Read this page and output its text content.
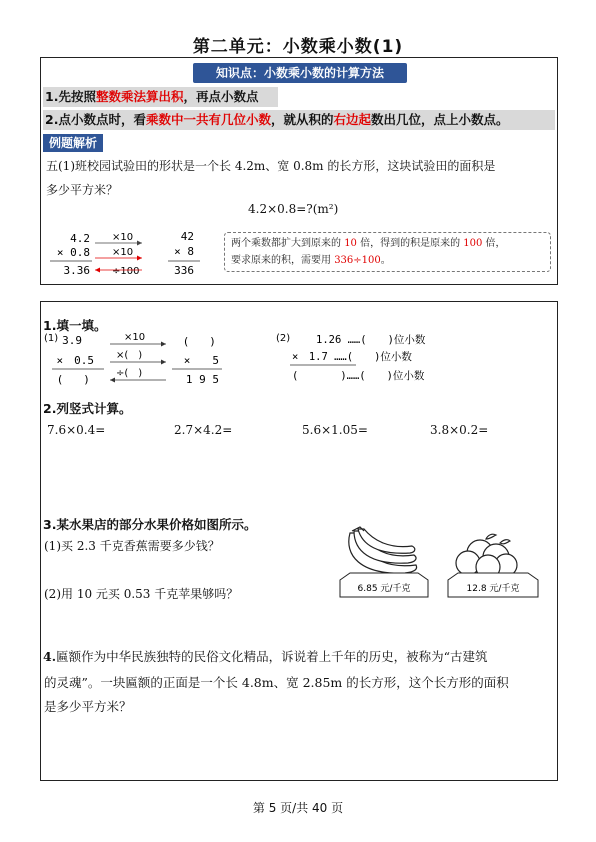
第二单元：小数乘小数(1)
知识点：小数乘小数的计算方法
1.先按照整数乘法算出积，再点小数点
2.点小数点时，看乘数中一共有几位小数，就从积的右边起数出几位，点上小数点。
例题解析
五(1)班校园试验田的形状是一个长 4.2m、宽 0.8m 的长方形，这块试验田的面积是
多少平方米？
4.2×0.8=?(m²)
4.2 ×10	42
× 0.8 ×10	× 8
3.36 ÷100	336
两个乘数都扩大到原来的 10 倍，得到的积是原来的 100 倍，
要求原来的积，需要用 336÷100。
1.填一填。
(1) 3.9	×10	(　　)
×　0.5 ×(　)	×　　5
(　　)	÷(　)	1 9 5
(2) 1.26 ……(　　)位小数
×　1.7 ……(　　)位小数
(　　　　)……(　　)位小数
2.列竖式计算。
7.6×0.4=	2.7×4.2=	5.6×1.05=	3.8×0.2=
3.某水果店的部分水果价格如图所示。
(1)买 2.3 千克香蕉需要多少钱？
(2)用 10 元买 0.53 千克苹果够吗？	6.85 元/千克	12.8 元/千克
4.匾额作为中华民族独特的民俗文化精品，诉说着上千年的历史，被称为“古建筑
的灵魂”。一块匾额的正面是一个长 4.8m、宽 2.85m 的长方形，这个长方形的面积
是多少平方米？
第 5 页/共 40 页
